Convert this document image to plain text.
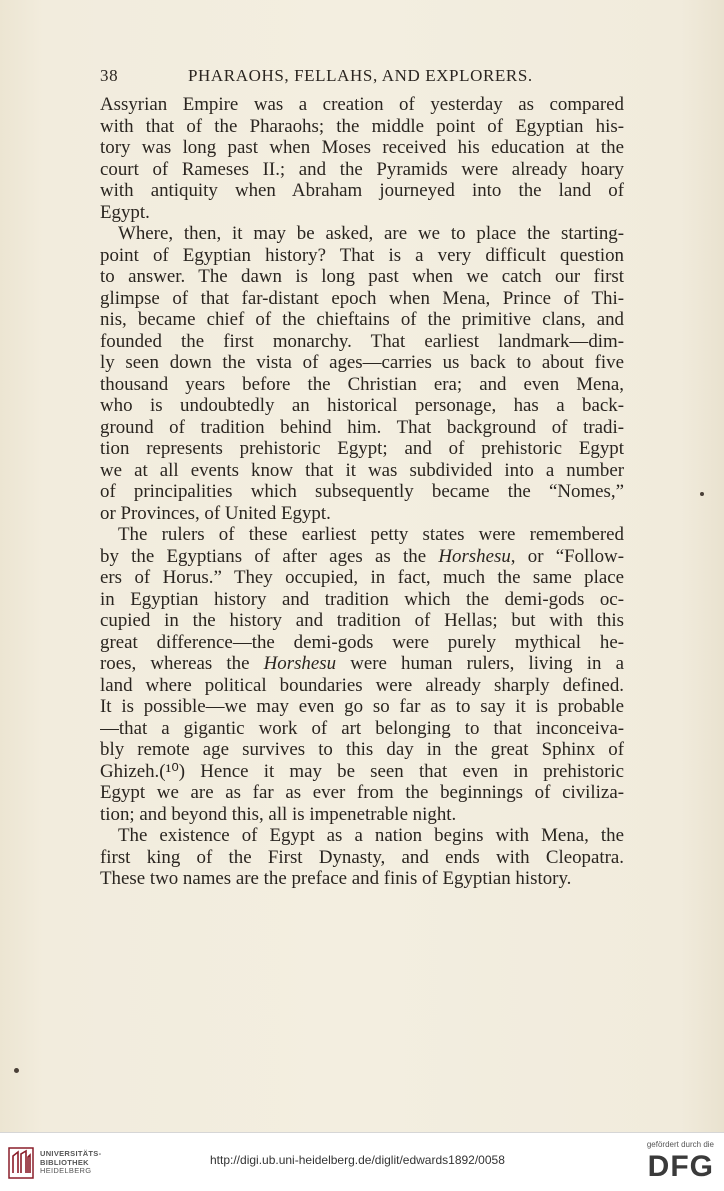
38	PHARAOHS, FELLAHS, AND EXPLORERS.
Assyrian Empire was a creation of yesterday as compared
with that of the Pharaohs; the middle point of Egyptian his-
tory was long past when Moses received his education at the
court of Rameses II.; and the Pyramids were already hoary
with antiquity when Abraham journeyed into the land of
Egypt.
Where, then, it may be asked, are we to place the starting-
point of Egyptian history? That is a very difficult question
to answer. The dawn is long past when we catch our first
glimpse of that far-distant epoch when Mena, Prince of Thi-
nis, became chief of the chieftains of the primitive clans, and
founded the first monarchy. That earliest landmark—dim-
ly seen down the vista of ages—carries us back to about five
thousand years before the Christian era; and even Mena,
who is undoubtedly an historical personage, has a back-
ground of tradition behind him. That background of tradi-
tion represents prehistoric Egypt; and of prehistoric Egypt
we at all events know that it was subdivided into a number
of principalities which subsequently became the “Nomes,”
or Provinces, of United Egypt.
The rulers of these earliest petty states were remembered
by the Egyptians of after ages as the Horshesu, or “Follow-
ers of Horus.” They occupied, in fact, much the same place
in Egyptian history and tradition which the demi-gods oc-
cupied in the history and tradition of Hellas; but with this
great difference—the demi-gods were purely mythical he-
roes, whereas the Horshesu were human rulers, living in a
land where political boundaries were already sharply defined.
It is possible—we may even go so far as to say it is probable
—that a gigantic work of art belonging to that inconceiva-
bly remote age survives to this day in the great Sphinx of
Ghizeh.(¹⁰) Hence it may be seen that even in prehistoric
Egypt we are as far as ever from the beginnings of civiliza-
tion; and beyond this, all is impenetrable night.
The existence of Egypt as a nation begins with Mena, the
first king of the First Dynasty, and ends with Cleopatra.
These two names are the preface and finis of Egyptian history.
UNIVERSITÄTS-
BIBLIOTHEK
HEIDELBERG
http://digi.ub.uni-heidelberg.de/diglit/edwards1892/0058
gefördert durch die
DFG
